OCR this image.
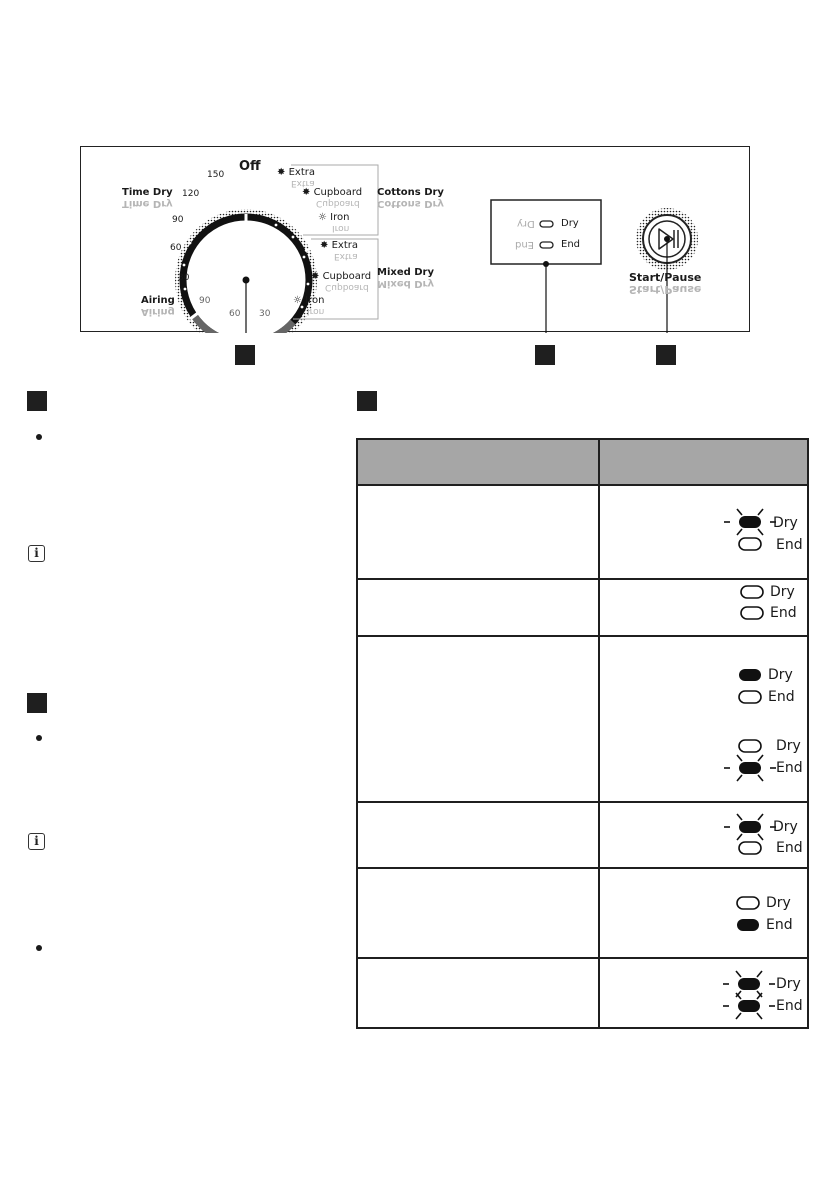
Off
150
120
90
60
30
Time Dry
Time Dry
Airing
Airing
90
60 30
✸ Extra
Extra
✸ Cupboard
Cupboard
☼ Iron
Iron
Cottons Dry
Cottons Dry
✸ Extra
Extra
✸ Cupboard
Cupboard
☼ Iron
Iron
Mixed Dry
Mixed Dry
Dry
End
Dry
End
Start/Pause
Start/Pause
i
i
Dry
End
Dry
End
Dry
End
Dry
End
Dry
End
Dry
End
Dry
End
